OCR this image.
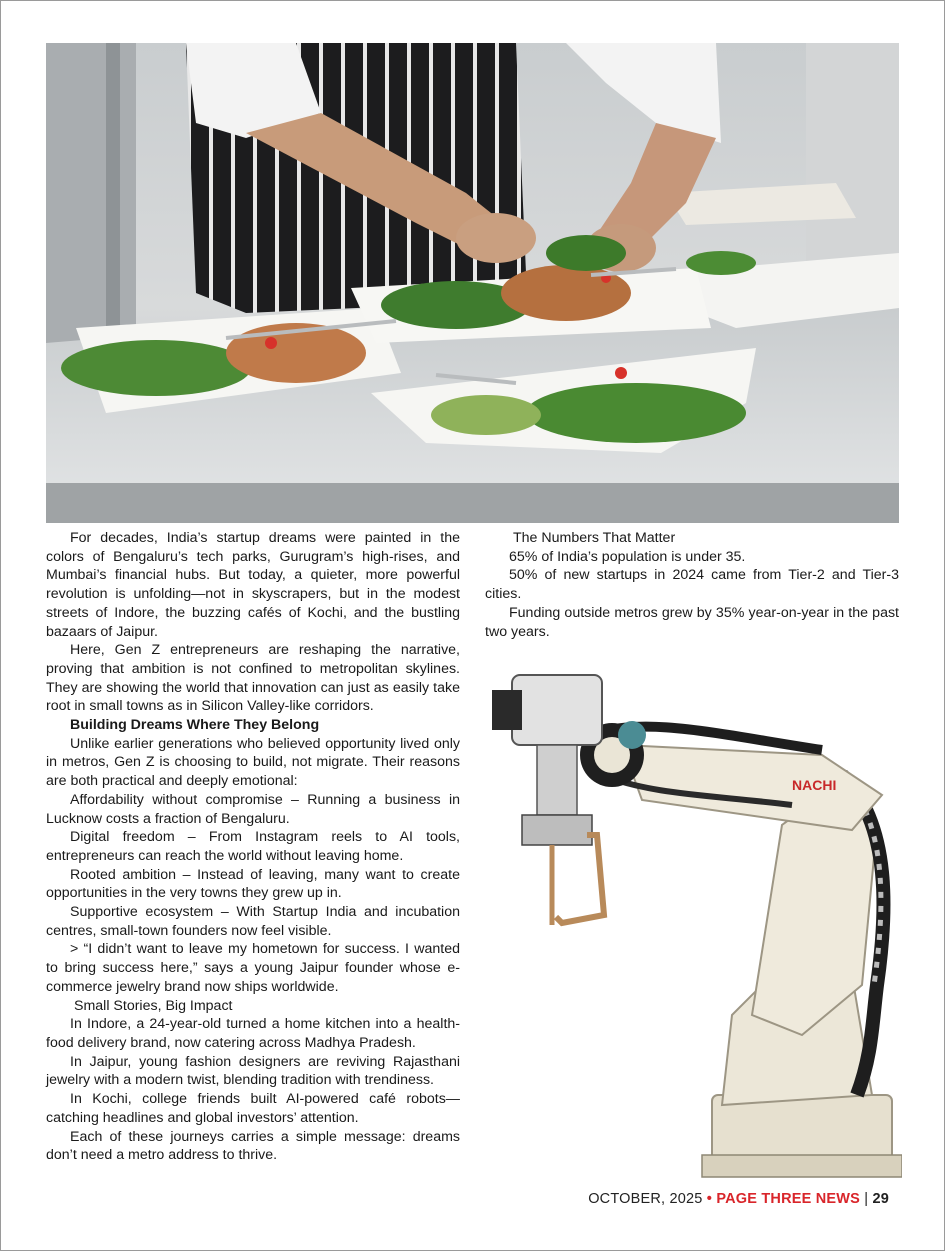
For decades, India’s startup dreams were painted in the colors of Bengaluru’s tech parks, Gurugram’s high-rises, and Mumbai’s financial hubs. But today, a quieter, more powerful revolution is unfolding—not in skyscrapers, but in the modest streets of Indore, the buzzing cafés of Kochi, and the bustling bazaars of Jaipur.

Here, Gen Z entrepreneurs are reshaping the narrative, proving that ambition is not confined to metropolitan skylines. They are showing the world that innovation can just as easily take root in small towns as in Silicon Valley-like corridors.

Building Dreams Where They Belong

Unlike earlier generations who believed opportunity lived only in metros, Gen Z is choosing to build, not migrate. Their reasons are both practical and deeply emotional:

Affordability without compromise – Running a business in Lucknow costs a fraction of Bengaluru.

Digital freedom – From Instagram reels to AI tools, entrepreneurs can reach the world without leaving home.

Rooted ambition – Instead of leaving, many want to create opportunities in the very towns they grew up in.

Supportive ecosystem – With Startup India and incubation centres, small-town founders now feel visible.

> “I didn’t want to leave my hometown for success. I wanted to bring success here,” says a young Jaipur founder whose e-commerce jewelry brand now ships worldwide.

Small Stories, Big Impact

In Indore, a 24-year-old turned a home kitchen into a health-food delivery brand, now catering across Madhya Pradesh.

In Jaipur, young fashion designers are reviving Rajasthani jewelry with a modern twist, blending tradition with trendiness.

In Kochi, college friends built AI-powered café robots—catching headlines and global investors’ attention.

Each of these journeys carries a simple message: dreams don’t need a metro address to thrive.

The Numbers That Matter

65% of India’s population is under 35.

50% of new startups in 2024 came from Tier-2 and Tier-3 cities.

Funding outside metros grew by 35% year-on-year in the past two years.

NACHI
OCTOBER, 2025 • PAGE THREE NEWS | 29
